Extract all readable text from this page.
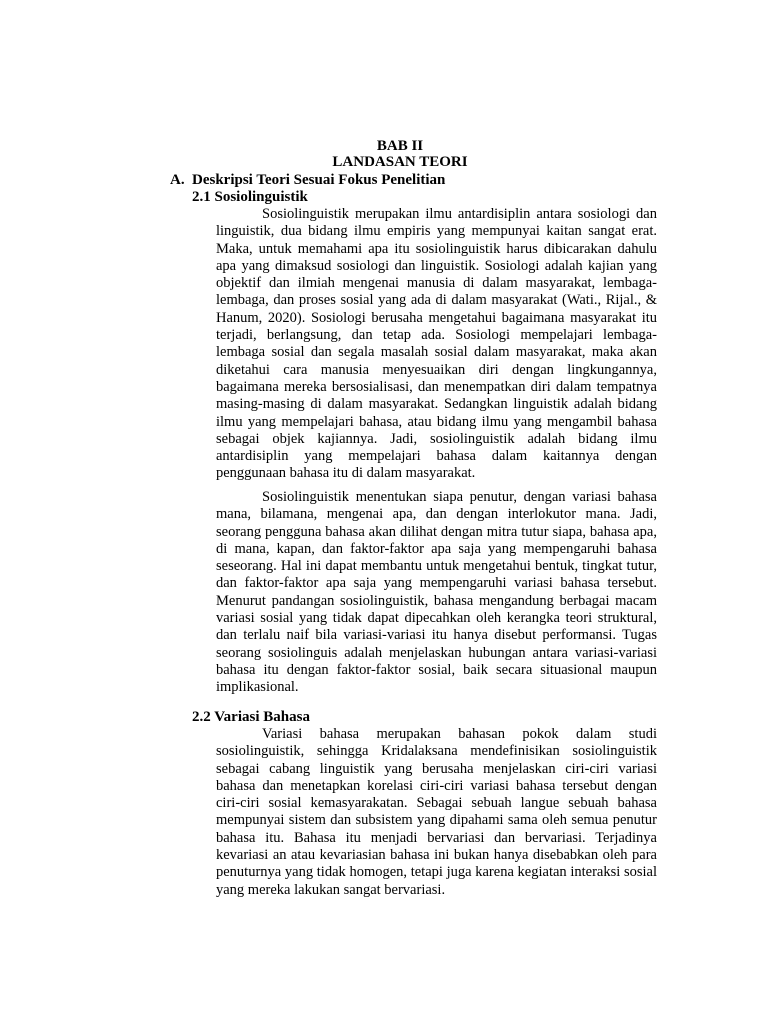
BAB II
LANDASAN TEORI
A. Deskripsi Teori Sesuai Fokus Penelitian
2.1 Sosiolinguistik

Sosiolinguistik merupakan ilmu antardisiplin antara sosiologi dan linguistik, dua bidang ilmu empiris yang mempunyai kaitan sangat erat. Maka, untuk memahami apa itu sosiolinguistik harus dibicarakan dahulu apa yang dimaksud sosiologi dan linguistik. Sosiologi adalah kajian yang objektif dan ilmiah mengenai manusia di dalam masyarakat, lembaga-lembaga, dan proses sosial yang ada di dalam masyarakat (Wati., Rijal., & Hanum, 2020). Sosiologi berusaha mengetahui bagaimana masyarakat itu terjadi, berlangsung, dan tetap ada. Sosiologi mempelajari lembaga-lembaga sosial dan segala masalah sosial dalam masyarakat, maka akan diketahui cara manusia menyesuaikan diri dengan lingkungannya, bagaimana mereka bersosialisasi, dan menempatkan diri dalam tempatnya masing-masing di dalam masyarakat. Sedangkan linguistik adalah bidang ilmu yang mempelajari bahasa, atau bidang ilmu yang mengambil bahasa sebagai objek kajiannya. Jadi, sosiolinguistik adalah bidang ilmu antardisiplin yang mempelajari bahasa dalam kaitannya dengan penggunaan bahasa itu di dalam masyarakat.

Sosiolinguistik menentukan siapa penutur, dengan variasi bahasa mana, bilamana, mengenai apa, dan dengan interlokutor mana. Jadi, seorang pengguna bahasa akan dilihat dengan mitra tutur siapa, bahasa apa, di mana, kapan, dan faktor-faktor apa saja yang mempengaruhi bahasa seseorang. Hal ini dapat membantu untuk mengetahui bentuk, tingkat tutur, dan faktor-faktor apa saja yang mempengaruhi variasi bahasa tersebut. Menurut pandangan sosiolinguistik, bahasa mengandung berbagai macam variasi sosial yang tidak dapat dipecahkan oleh kerangka teori struktural, dan terlalu naif bila variasi-variasi itu hanya disebut performansi. Tugas seorang sosiolinguis adalah menjelaskan hubungan antara variasi-variasi bahasa itu dengan faktor-faktor sosial, baik secara situasional maupun implikasional.

2.2 Variasi Bahasa

Variasi bahasa merupakan bahasan pokok dalam studi sosiolinguistik, sehingga Kridalaksana mendefinisikan sosiolinguistik sebagai cabang linguistik yang berusaha menjelaskan ciri-ciri variasi bahasa dan menetapkan korelasi ciri-ciri variasi bahasa tersebut dengan ciri-ciri sosial kemasyarakatan. Sebagai sebuah langue sebuah bahasa mempunyai sistem dan subsistem yang dipahami sama oleh semua penutur bahasa itu. Bahasa itu menjadi bervariasi dan bervariasi. Terjadinya kevariasi an atau kevariasian bahasa ini bukan hanya disebabkan oleh para penuturnya yang tidak homogen, tetapi juga karena kegiatan interaksi sosial yang mereka lakukan sangat bervariasi.
